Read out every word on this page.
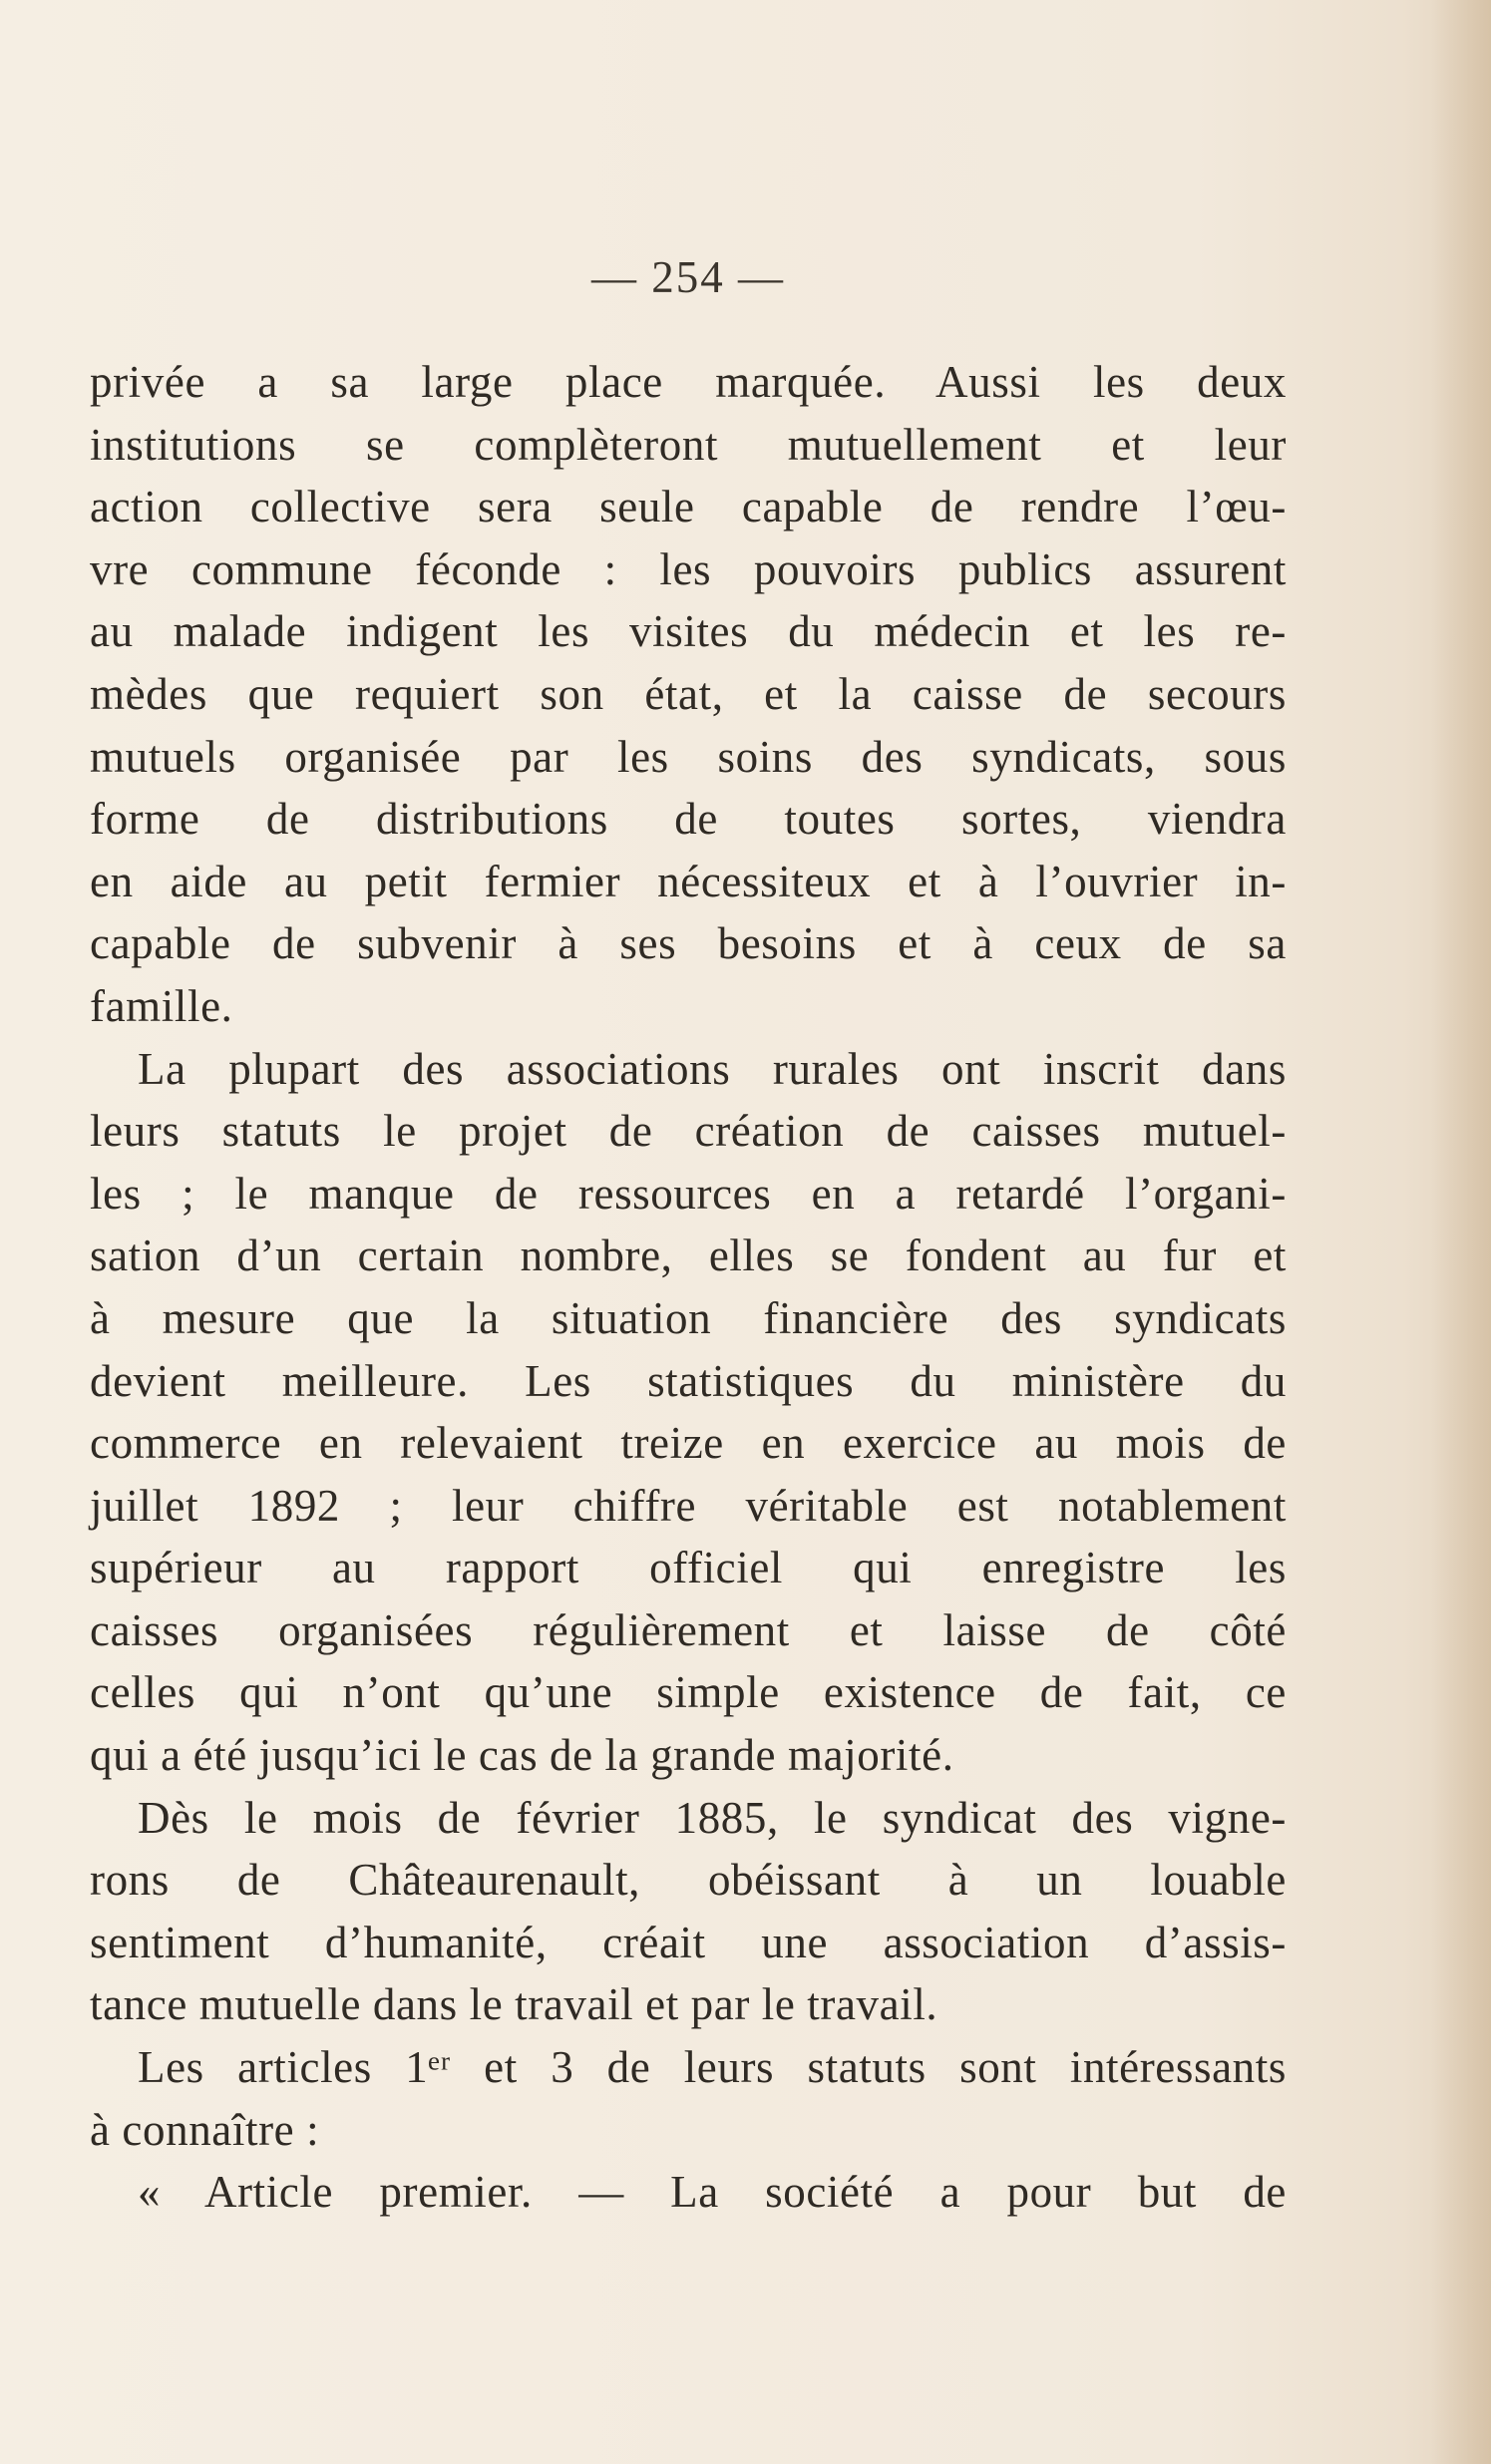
— 254 —
privée a sa large place marquée. Aussi les deux
institutions se complèteront mutuellement et leur
action collective sera seule capable de rendre l’œu-
vre commune féconde : les pouvoirs publics assurent
au malade indigent les visites du médecin et les re-
mèdes que requiert son état, et la caisse de secours
mutuels organisée par les soins des syndicats, sous
forme de distributions de toutes sortes, viendra
en aide au petit fermier nécessiteux et à l’ouvrier in-
capable de subvenir à ses besoins et à ceux de sa
famille.
La plupart des associations rurales ont inscrit dans
leurs statuts le projet de création de caisses mutuel-
les ; le manque de ressources en a retardé l’organi-
sation d’un certain nombre, elles se fondent au fur et
à mesure que la situation financière des syndicats
devient meilleure. Les statistiques du ministère du
commerce en relevaient treize en exercice au mois de
juillet 1892 ; leur chiffre véritable est notablement
supérieur au rapport officiel qui enregistre les
caisses organisées régulièrement et laisse de côté
celles qui n’ont qu’une simple existence de fait, ce
qui a été jusqu’ici le cas de la grande majorité.
Dès le mois de février 1885, le syndicat des vigne-
rons de Châteaurenault, obéissant à un louable
sentiment d’humanité, créait une association d’assis-
tance mutuelle dans le travail et par le travail.
Les articles 1ᵉʳ et 3 de leurs statuts sont intéressants
à connaître :
« Article premier. — La société a pour but de
